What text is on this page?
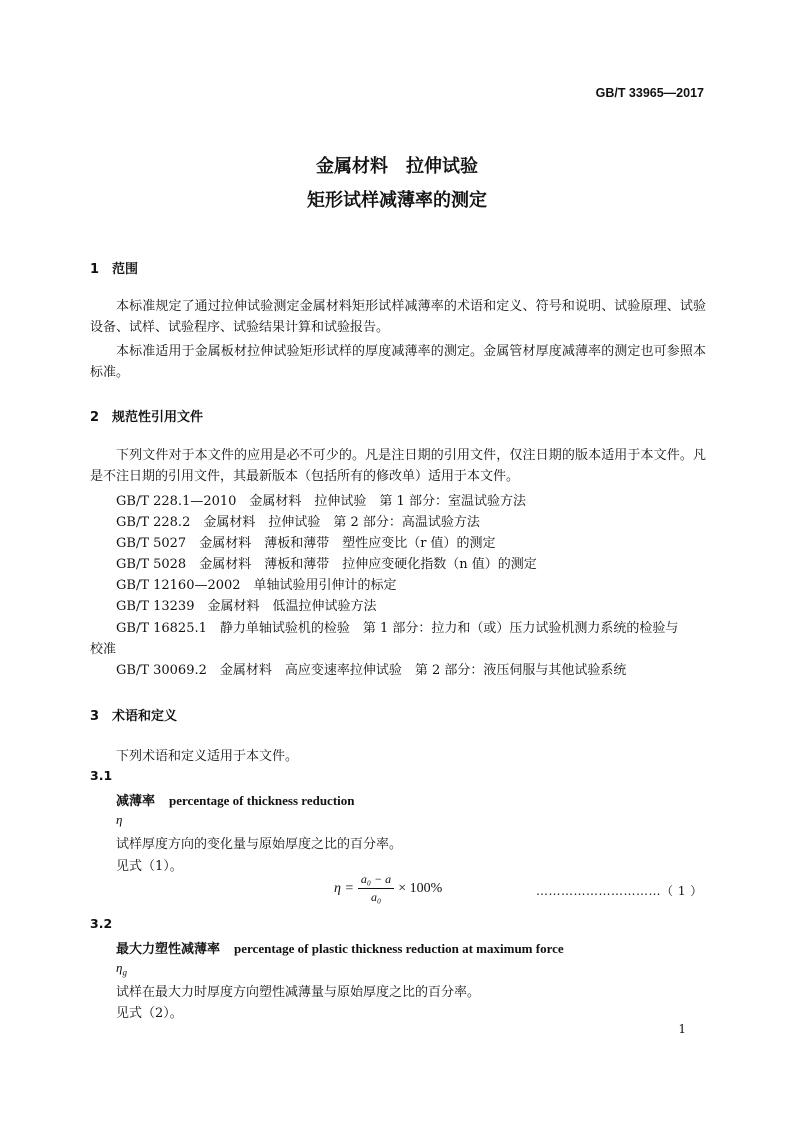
GB/T 33965—2017
金属材料　拉伸试验
矩形试样减薄率的测定
1 范围
本标准规定了通过拉伸试验测定金属材料矩形试样减薄率的术语和定义、符号和说明、试验原理、试验设备、试样、试验程序、试验结果计算和试验报告。
本标准适用于金属板材拉伸试验矩形试样的厚度减薄率的测定。金属管材厚度减薄率的测定也可参照本标准。
2 规范性引用文件
下列文件对于本文件的应用是必不可少的。凡是注日期的引用文件，仅注日期的版本适用于本文件。凡是不注日期的引用文件，其最新版本（包括所有的修改单）适用于本文件。
GB/T 228.1—2010　金属材料　拉伸试验　第 1 部分：室温试验方法
GB/T 228.2　金属材料　拉伸试验　第 2 部分：高温试验方法
GB/T 5027　金属材料　薄板和薄带　塑性应变比（r 值）的测定
GB/T 5028　金属材料　薄板和薄带　拉伸应变硬化指数（n 值）的测定
GB/T 12160—2002　单轴试验用引伸计的标定
GB/T 13239　金属材料　低温拉伸试验方法
GB/T 16825.1　静力单轴试验机的检验　第 1 部分：拉力和（或）压力试验机测力系统的检验与
校准
GB/T 30069.2　金属材料　高应变速率拉伸试验　第 2 部分：液压伺服与其他试验系统
3 术语和定义
下列术语和定义适用于本文件。
3.1
减薄率 percentage of thickness reduction
η
试样厚度方向的变化量与原始厚度之比的百分率。
见式（1）。
$\eta = \frac{\text{a₀ − a}}{\text{a₀}} \times 100\%$	…………………………（ 1 ）
3.2
最大力塑性减薄率 percentage of plastic thickness reduction at maximum force
$\eta_g$
试样在最大力时厚度方向塑性减薄量与原始厚度之比的百分率。
见式（2）。
1
